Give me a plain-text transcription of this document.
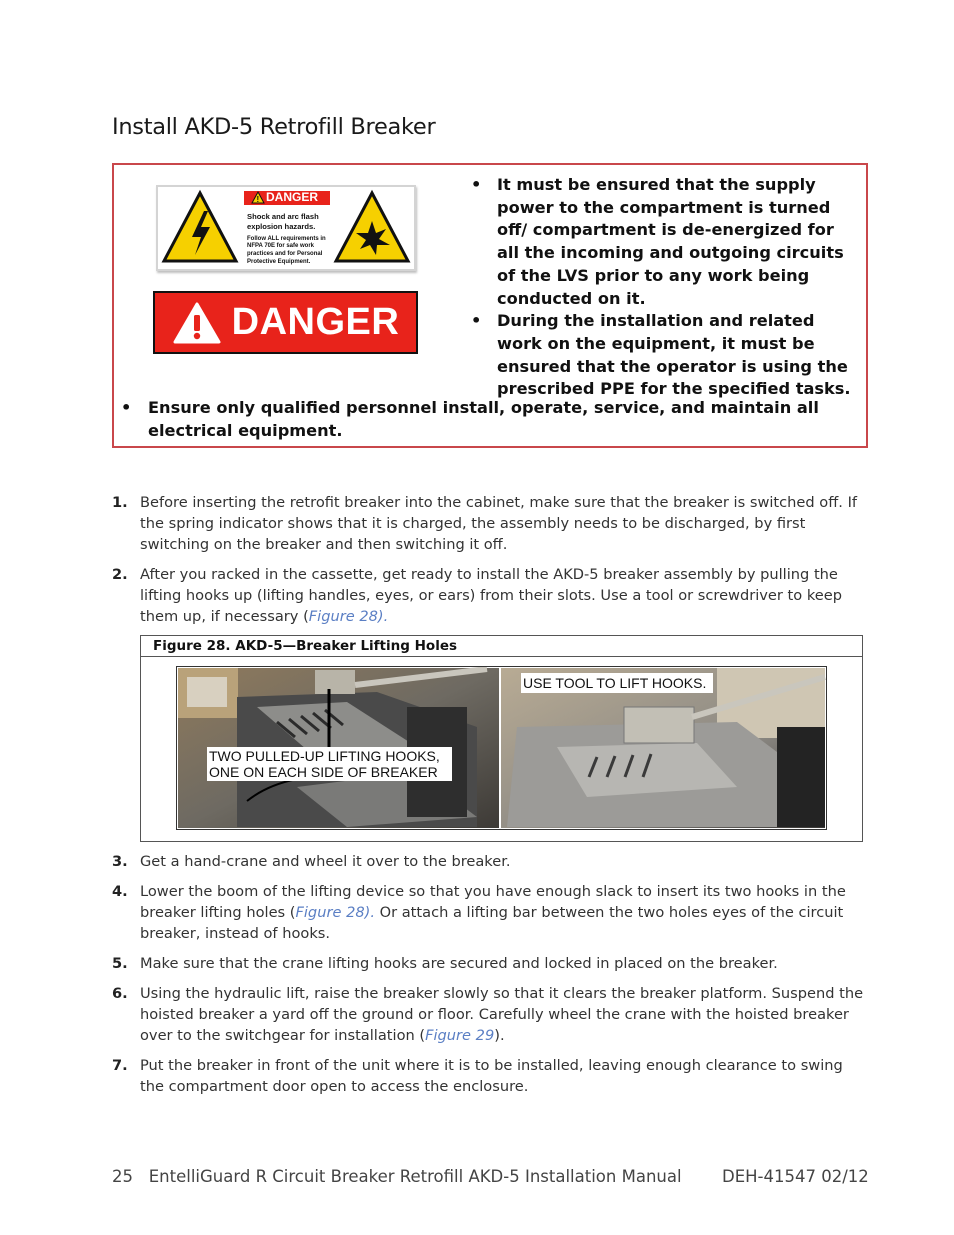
Install AKD-5 Retrofill Breaker
! DANGER
Shock and arc flash
explosion hazards.
Follow ALL requirements in
NFPA 70E for safe work
practices and for Personal
Protective Equipment.
DANGER
• It must be ensured that the supply power to the compartment is turned off/ compartment is de-energized for all the incoming and outgoing circuits of the LVS prior to any work being conducted on it.
• During the installation and related work on the equipment, it must be ensured that the operator is using the prescribed PPE for the specified tasks.
• Ensure only qualified personnel install, operate, service, and maintain all electrical equipment.
1. Before inserting the retrofit breaker into the cabinet, make sure that the breaker is switched off. If the spring indicator shows that it is charged, the assembly needs to be discharged, by first switching on the breaker and then switching it off.
2. After you racked in the cassette, get ready to install the AKD-5 breaker assembly by pulling the lifting hooks up (lifting handles, eyes, or ears) from their slots. Use a tool or screwdriver to keep them up, if necessary (Figure 28).
Figure 28. AKD-5—Breaker Lifting Holes
TWO PULLED-UP LIFTING HOOKS,
ONE ON EACH SIDE OF BREAKER
USE TOOL TO LIFT HOOKS.
3. Get a hand-crane and wheel it over to the breaker.
4. Lower the boom of the lifting device so that you have enough slack to insert its two hooks in the breaker lifting holes (Figure 28). Or attach a lifting bar between the two holes eyes of the circuit breaker, instead of hooks.
5. Make sure that the crane lifting hooks are secured and locked in placed on the breaker.
6. Using the hydraulic lift, raise the breaker slowly so that it clears the breaker platform. Suspend the hoisted breaker a yard off the ground or floor. Carefully wheel the crane with the hoisted breaker over to the switchgear for installation (Figure 29).
7. Put the breaker in front of the unit where it is to be installed, leaving enough clearance to swing the compartment door open to access the enclosure.
25 EntelliGuard R Circuit Breaker Retrofill AKD-5 Installation Manual DEH-41547 02/12
